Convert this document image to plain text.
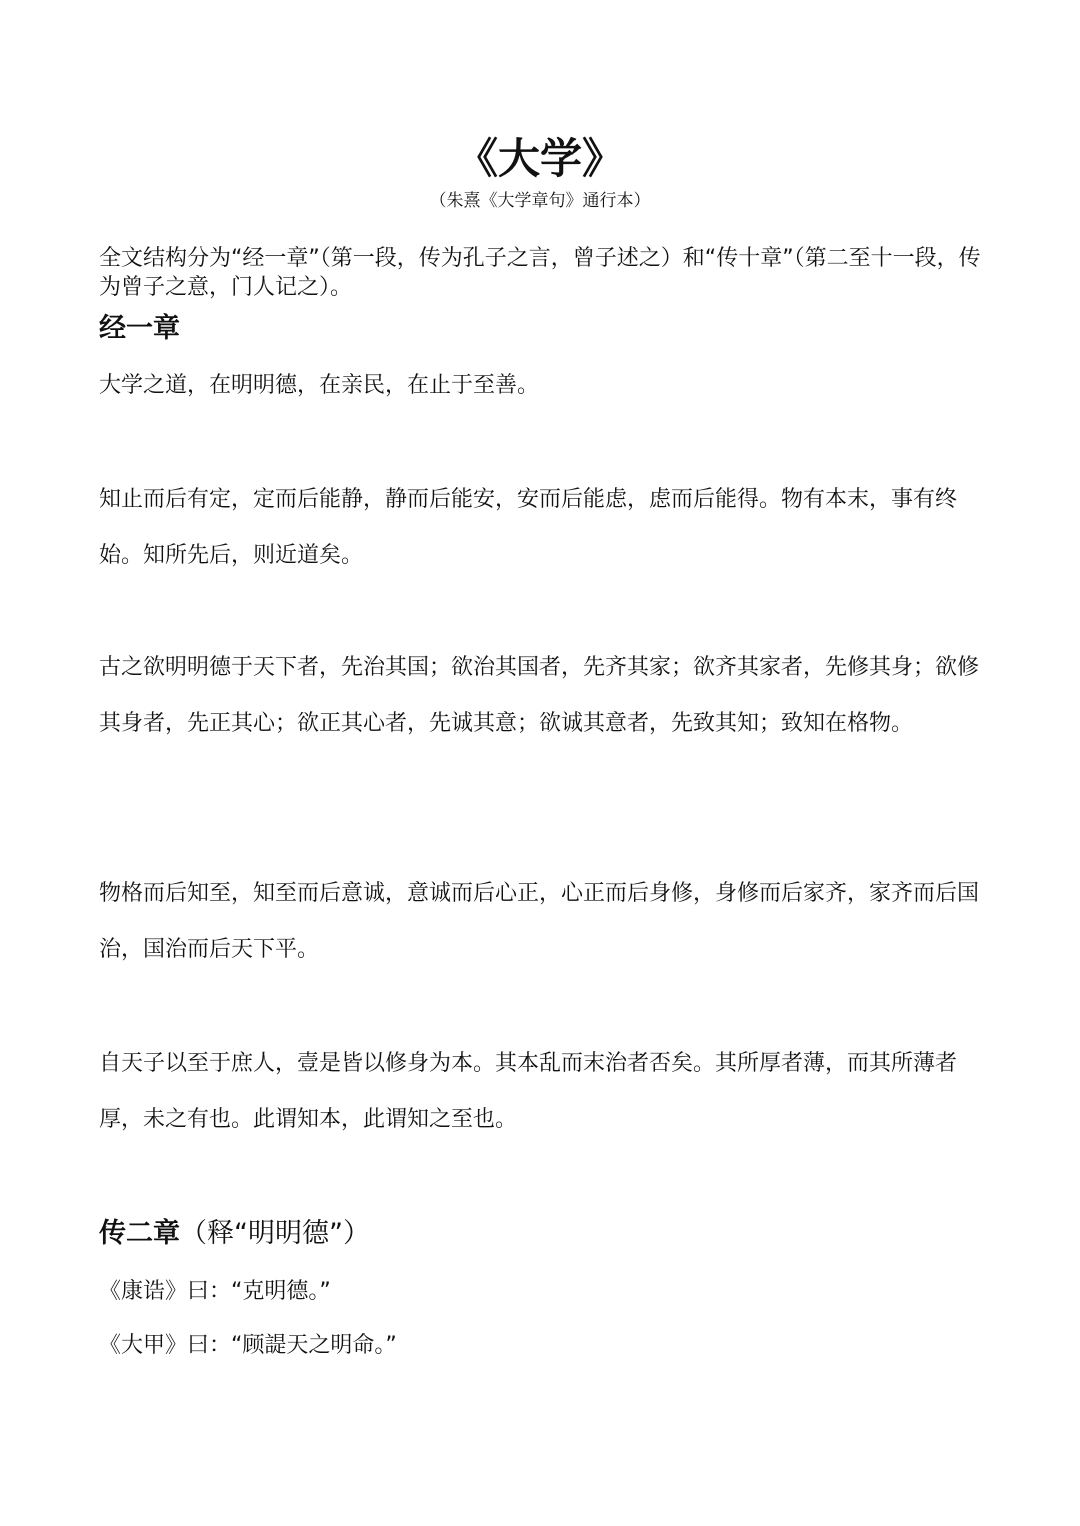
《大学》
（朱熹《大学章句》通行本）
全文结构分为“经一章”（第一段，传为孔子之言，曾子述之）和“传十章”（第二至十一段，传为曾子之意，门人记之）。
经一章
大学之道，在明明德，在亲民，在止于至善。
知止而后有定，定而后能静，静而后能安，安而后能虑，虑而后能得。物有本末，事有终始。知所先后，则近道矣。
古之欲明明德于天下者，先治其国；欲治其国者，先齐其家；欲齐其家者，先修其身；欲修其身者，先正其心；欲正其心者，先诚其意；欲诚其意者，先致其知；致知在格物。
物格而后知至，知至而后意诚，意诚而后心正，心正而后身修，身修而后家齐，家齐而后国治，国治而后天下平。
自天子以至于庶人，壹是皆以修身为本。其本乱而末治者否矣。其所厚者薄，而其所薄者厚，未之有也。此谓知本，此谓知之至也。
传二章（释“明明德”）
《康诰》曰：“克明德。”
《大甲》曰：“顾諟天之明命。”
